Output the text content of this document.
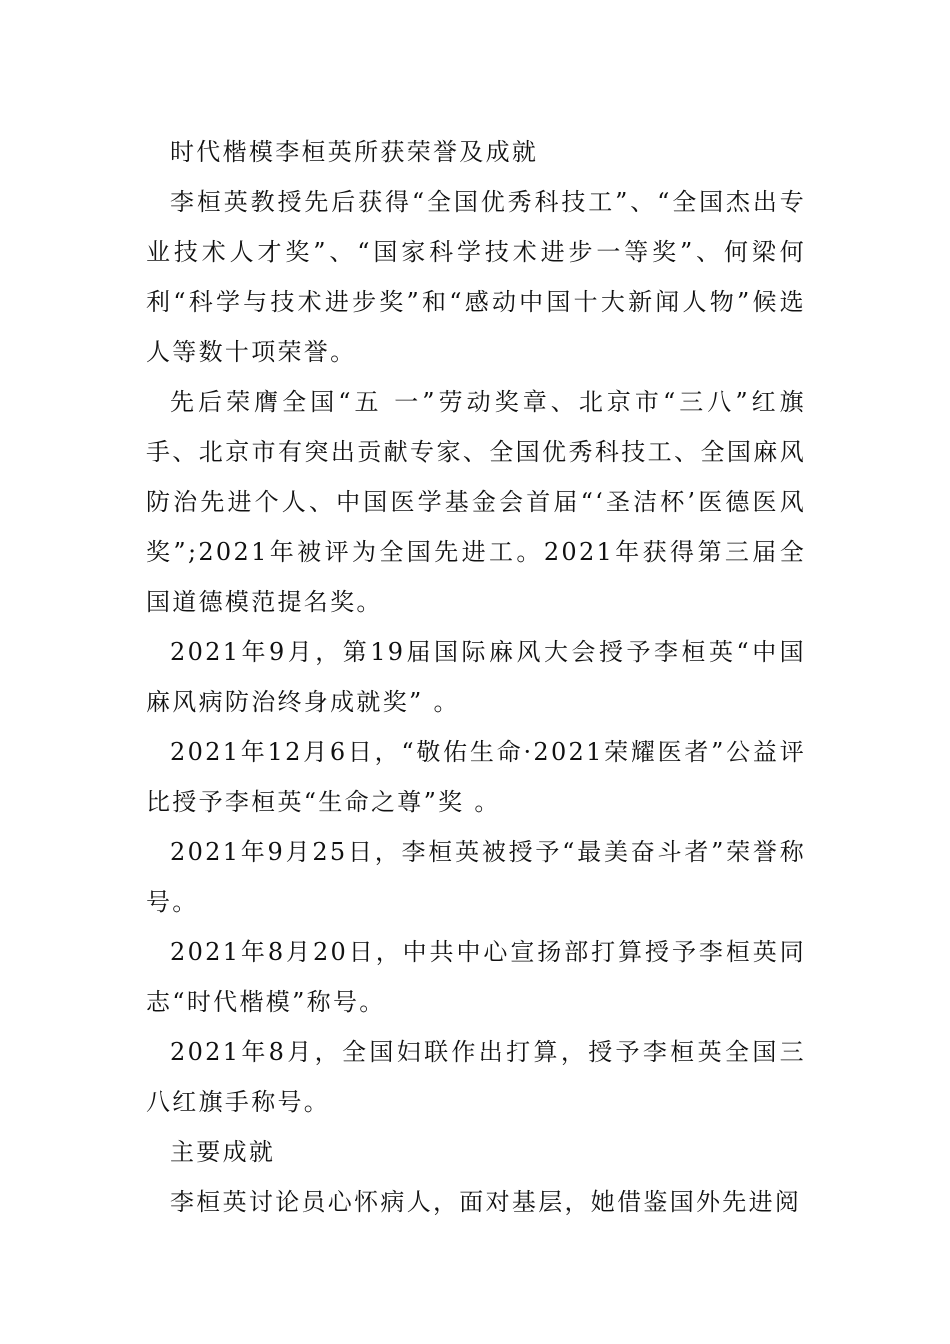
时代楷模李桓英所获荣誉及成就

李桓英教授先后获得“全国优秀科技工”、“全国杰出专业技术人才奖”、“国家科学技术进步一等奖”、何梁何利“科学与技术进步奖”和“感动中国十大新闻人物”候选人等数十项荣誉。

先后荣膺全国“五 一”劳动奖章、北京市“三八”红旗手、北京市有突出贡献专家、全国优秀科技工、全国麻风防治先进个人、中国医学基金会首届“‘圣洁杯’医德医风奖”;2021年被评为全国先进工。2021年获得第三届全国道德模范提名奖。

2021年9月，第19届国际麻风大会授予李桓英“中国麻风病防治终身成就奖” 。

2021年12月6日，“敬佑生命·2021荣耀医者”公益评比授予李桓英“生命之尊”奖 。

2021年9月25日，李桓英被授予“最美奋斗者”荣誉称号。

2021年8月20日，中共中心宣扬部打算授予李桓英同志“时代楷模”称号。

2021年8月，全国妇联作出打算，授予李桓英全国三八红旗手称号。

主要成就

李桓英讨论员心怀病人，面对基层，她借鉴国外先进阅
